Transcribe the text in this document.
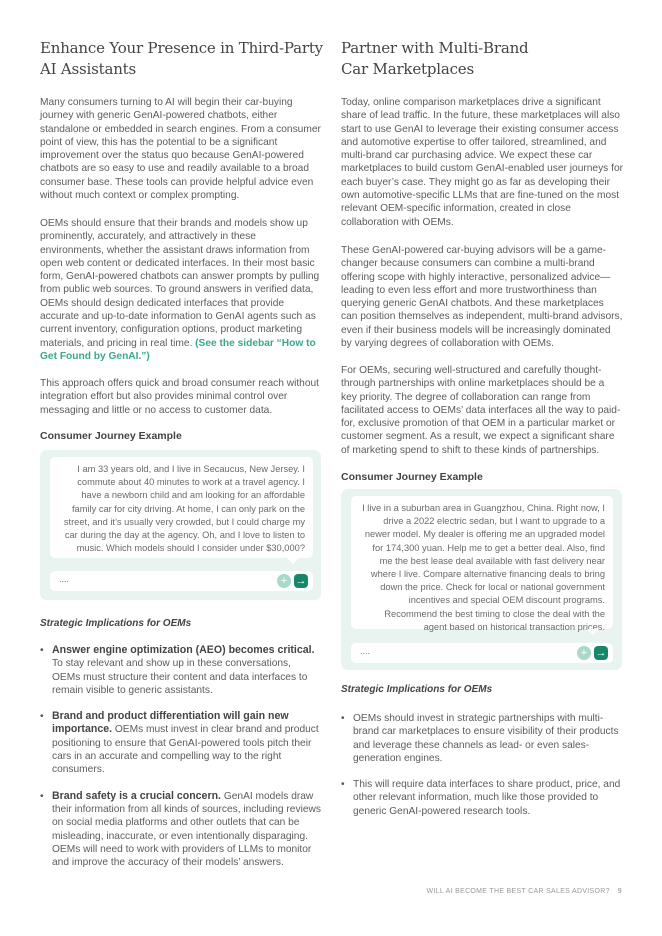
Enhance Your Presence in Third-Party
AI Assistants

Many consumers turning to AI will begin their car-buying journey with generic GenAI-powered chatbots, either standalone or embedded in search engines. From a consumer point of view, this has the potential to be a significant improvement over the status quo because GenAI-powered chatbots are so easy to use and readily available to a broad consumer base. These tools can provide helpful advice even without much context or complex prompting.

OEMs should ensure that their brands and models show up prominently, accurately, and attractively in these environments, whether the assistant draws information from open web content or dedicated interfaces. In their most basic form, GenAI-powered chatbots can answer prompts by pulling from public web sources. To ground answers in verified data, OEMs should design dedicated interfaces that provide accurate and up-to-date information to GenAI agents such as current inventory, configuration options, product marketing materials, and pricing in real time. (See the sidebar “How to Get Found by GenAI.”)

This approach offers quick and broad consumer reach without integration effort but also provides minimal control over messaging and little or no access to customer data.

Consumer Journey Example

I am 33 years old, and I live in Secaucus, New Jersey. I commute about 40 minutes to work at a travel agency. I have a newborn child and am looking for an affordable family car for city driving. At home, I can only park on the street, and it’s usually very crowded, but I could charge my car during the day at the agency. Oh, and I love to listen to music. Which models should I consider under $30,000?
....	+ →

Strategic Implications for OEMs

• Answer engine optimization (AEO) becomes critical. To stay relevant and show up in these conversations, OEMs must structure their content and data interfaces to remain visible to generic assistants.
• Brand and product differentiation will gain new importance. OEMs must invest in clear brand and product positioning to ensure that GenAI-powered tools pitch their cars in an accurate and compelling way to the right consumers.
• Brand safety is a crucial concern. GenAI models draw their information from all kinds of sources, including reviews on social media platforms and other outlets that can be misleading, inaccurate, or even intentionally disparaging. OEMs will need to work with providers of LLMs to monitor and improve the accuracy of their models’ answers.
Partner with Multi-Brand
Car Marketplaces

Today, online comparison marketplaces drive a significant share of lead traffic. In the future, these marketplaces will also start to use GenAI to leverage their existing consumer access and automotive expertise to offer tailored, streamlined, and multi-brand car purchasing advice. We expect these car marketplaces to build custom GenAI-enabled user journeys for each buyer’s case. They might go as far as developing their own automotive-specific LLMs that are fine-tuned on the most relevant OEM-specific information, created in close collaboration with OEMs.

These GenAI-powered car-buying advisors will be a game-changer because consumers can combine a multi-brand offering scope with highly interactive, personalized advice—leading to even less effort and more trustworthiness than querying generic GenAI chatbots. And these marketplaces can position themselves as independent, multi-brand advisors, even if their business models will be increasingly dominated by varying degrees of collaboration with OEMs.

For OEMs, securing well-structured and carefully thought-through partnerships with online marketplaces should be a key priority. The degree of collaboration can range from facilitated access to OEMs’ data interfaces all the way to paid-for, exclusive promotion of that OEM in a particular market or customer segment. As a result, we expect a significant share of marketing spend to shift to these kinds of partnerships.

Consumer Journey Example

I live in a suburban area in Guangzhou, China. Right now, I drive a 2022 electric sedan, but I want to upgrade to a newer model. My dealer is offering me an upgraded model for 174,300 yuan. Help me to get a better deal. Also, find me the best lease deal available with fast delivery near where I live. Compare alternative financing deals to bring down the price. Check for local or national government incentives and special OEM discount programs. Recommend the best timing to close the deal with the agent based on historical transaction prices.
....	+ →

Strategic Implications for OEMs

• OEMs should invest in strategic partnerships with multi-brand car marketplaces to ensure visibility of their products and leverage these channels as lead- or even sales-generation engines.
• This will require data interfaces to share product, price, and other relevant information, much like those provided to generic GenAI-powered research tools.
WILL AI BECOME THE BEST CAR SALES ADVISOR? 9
